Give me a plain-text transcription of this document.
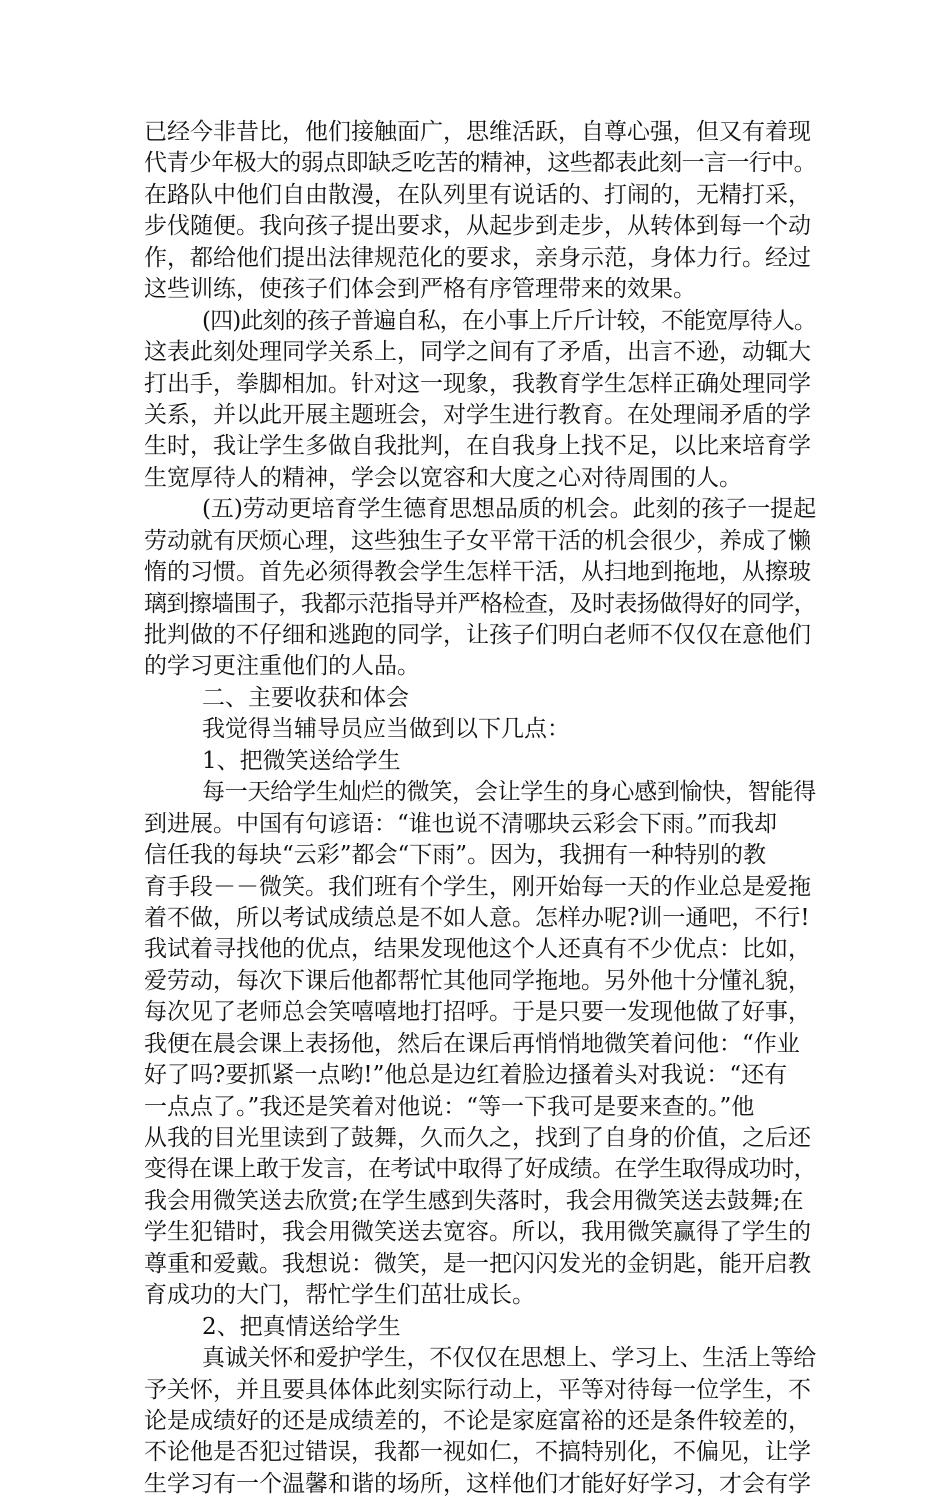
已经今非昔比，他们接触面广，思维活跃，自尊心强，但又有着现
代青少年极大的弱点即缺乏吃苦的精神，这些都表此刻一言一行中。
在路队中他们自由散漫，在队列里有说话的、打闹的，无精打采，
步伐随便。我向孩子提出要求，从起步到走步，从转体到每一个动
作，都给他们提出法律规范化的要求，亲身示范，身体力行。经过
这些训练，使孩子们体会到严格有序管理带来的效果。
(四)此刻的孩子普遍自私，在小事上斤斤计较，不能宽厚待人。
这表此刻处理同学关系上，同学之间有了矛盾，出言不逊，动辄大
打出手，拳脚相加。针对这一现象，我教育学生怎样正确处理同学
关系，并以此开展主题班会，对学生进行教育。在处理闹矛盾的学
生时，我让学生多做自我批判，在自我身上找不足，以比来培育学
生宽厚待人的精神，学会以宽容和大度之心对待周围的人。
(五)劳动更培育学生德育思想品质的机会。此刻的孩子一提起
劳动就有厌烦心理，这些独生子女平常干活的机会很少，养成了懒
惰的习惯。首先必须得教会学生怎样干活，从扫地到拖地，从擦玻
璃到擦墙围子，我都示范指导并严格检查，及时表扬做得好的同学，
批判做的不仔细和逃跑的同学，让孩子们明白老师不仅仅在意他们
的学习更注重他们的人品。
二、主要收获和体会
我觉得当辅导员应当做到以下几点：
1、把微笑送给学生
每一天给学生灿烂的微笑，会让学生的身心感到愉快，智能得
到进展。中国有句谚语：“谁也说不清哪块云彩会下雨。”而我却
信任我的每块“云彩”都会“下雨”。因为，我拥有一种特别的教
育手段－－微笑。我们班有个学生，刚开始每一天的作业总是爱拖
着不做，所以考试成绩总是不如人意。怎样办呢?训一通吧，不行!
我试着寻找他的优点，结果发现他这个人还真有不少优点：比如，
爱劳动，每次下课后他都帮忙其他同学拖地。另外他十分懂礼貌，
每次见了老师总会笑嘻嘻地打招呼。于是只要一发现他做了好事，
我便在晨会课上表扬他，然后在课后再悄悄地微笑着问他：“作业
好了吗?要抓紧一点哟!”他总是边红着脸边搔着头对我说：“还有
一点点了。”我还是笑着对他说：“等一下我可是要来查的。”他
从我的目光里读到了鼓舞，久而久之，找到了自身的价值，之后还
变得在课上敢于发言，在考试中取得了好成绩。在学生取得成功时，
我会用微笑送去欣赏;在学生感到失落时，我会用微笑送去鼓舞;在
学生犯错时，我会用微笑送去宽容。所以，我用微笑赢得了学生的
尊重和爱戴。我想说：微笑，是一把闪闪发光的金钥匙，能开启教
育成功的大门，帮忙学生们茁壮成长。
2、把真情送给学生
真诚关怀和爱护学生，不仅仅在思想上、学习上、生活上等给
予关怀，并且要具体体此刻实际行动上，平等对待每一位学生，不
论是成绩好的还是成绩差的，不论是家庭富裕的还是条件较差的，
不论他是否犯过错误，我都一视如仁，不搞特别化，不偏见，让学
生学习有一个温馨和谐的场所，这样他们才能好好学习，才会有学
